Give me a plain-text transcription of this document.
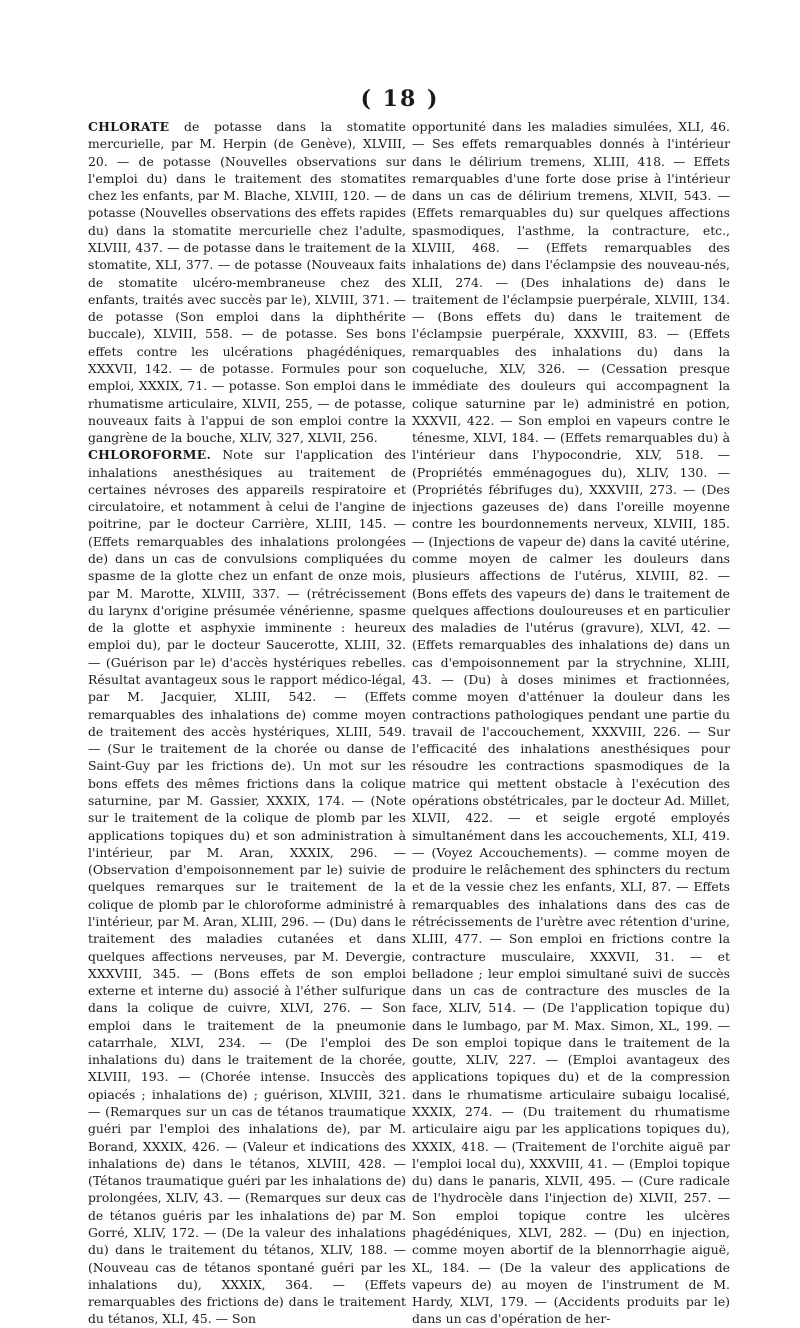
( 18 )

CHLORATE de potasse dans la stomatite mercurielle, par M. Herpin (de Genève), XLVIII, 20. — de potasse (Nouvelles observations sur l'emploi du) dans le traitement des stomatites chez les enfants, par M. Blache, XLVIII, 120. — de potasse (Nouvelles observations des effets rapides du) dans la stomatite mercurielle chez l'adulte, XLVIII, 437. — de potasse dans le traitement de la stomatite, XLI, 377. — de potasse (Nouveaux faits de stomatite ulcéro-membraneuse chez des enfants, traités avec succès par le), XLVIII, 371. — de potasse (Son emploi dans la diphthérite buccale), XLVIII, 558. — de potasse. Ses bons effets contre les ulcérations phagédéniques, XXXVII, 142. — de potasse. Formules pour son emploi, XXXIX, 71. — potasse. Son emploi dans le rhumatisme articulaire, XLVII, 255, — de potasse, nouveaux faits à l'appui de son emploi contre la gangrène de la bouche, XLIV, 327, XLVII, 256.

CHLOROFORME. Note sur l'application des inhalations anesthésiques au traitement de certaines névroses des appareils respiratoire et circulatoire, et notamment à celui de l'angine de poitrine, par le docteur Carrière, XLIII, 145. — (Effets remarquables des inhalations prolongées de) dans un cas de convulsions compliquées du spasme de la glotte chez un enfant de onze mois, par M. Marotte, XLVIII, 337. — (rétrécissement du larynx d'origine présumée vénérienne, spasme de la glotte et asphyxie imminente : heureux emploi du), par le docteur Saucerotte, XLIII, 32. — (Guérison par le) d'accès hystériques rebelles. Résultat avantageux sous le rapport médico-légal, par M. Jacquier, XLIII, 542. — (Effets remarquables des inhalations de) comme moyen de traitement des accès hystériques, XLIII, 549. — (Sur le traitement de la chorée ou danse de Saint-Guy par les frictions de). Un mot sur les bons effets des mêmes frictions dans la colique saturnine, par M. Gassier, XXXIX, 174. — (Note sur le traitement de la colique de plomb par les applications topiques du) et son administration à l'intérieur, par M. Aran, XXXIX, 296. — (Observation d'empoisonnement par le) suivie de quelques remarques sur le traitement de la colique de plomb par le chloroforme administré à l'intérieur, par M. Aran, XLIII, 296. — (Du) dans le traitement des maladies cutanées et dans quelques affections nerveuses, par M. Devergie, XXXVIII, 345. — (Bons effets de son emploi externe et interne du) associé à l'éther sulfurique dans la colique de cuivre, XLVI, 276. — Son emploi dans le traitement de la pneumonie catarrhale, XLVI, 234. — (De l'emploi des inhalations du) dans le traitement de la chorée, XLVIII, 193. — (Chorée intense. Insuccès des opiacés ; inhalations de) ; guérison, XLVIII, 321. — (Remarques sur un cas de tétanos traumatique guéri par l'emploi des inhalations de), par M. Borand, XXXIX, 426. — (Valeur et indications des inhalations de) dans le tétanos, XLVIII, 428. — (Tétanos traumatique guéri par les inhalations de) prolongées, XLIV, 43. — (Remarques sur deux cas de tétanos guéris par les inhalations de) par M. Gorré, XLIV, 172. — (De la valeur des inhalations du) dans le traitement du tétanos, XLIV, 188. — (Nouveau cas de tétanos spontané guéri par les inhalations du), XXXIX, 364. — (Effets remarquables des frictions de) dans le traitement du tétanos, XLI, 45. — Son

opportunité dans les maladies simulées, XLI, 46. — Ses effets remarquables donnés à l'intérieur dans le délirium tremens, XLIII, 418. — Effets remarquables d'une forte dose prise à l'intérieur dans un cas de délirium tremens, XLVII, 543. — (Effets remarquables du) sur quelques affections spasmodiques, l'asthme, la contracture, etc., XLVIII, 468. — (Effets remarquables des inhalations de) dans l'éclampsie des nouveau-nés, XLII, 274. — (Des inhalations de) dans le traitement de l'éclampsie puerpérale, XLVIII, 134. — (Bons effets du) dans le traitement de l'éclampsie puerpérale, XXXVIII, 83. — (Effets remarquables des inhalations du) dans la coqueluche, XLV, 326. — (Cessation presque immédiate des douleurs qui accompagnent la colique saturnine par le) administré en potion, XXXVII, 422. — Son emploi en vapeurs contre le ténesme, XLVI, 184. — (Effets remarquables du) à l'intérieur dans l'hypocondrie, XLV, 518. — (Propriétés emménagogues du), XLIV, 130. — (Propriétés fébrifuges du), XXXVIII, 273. — (Des injections gazeuses de) dans l'oreille moyenne contre les bourdonnements nerveux, XLVIII, 185. — (Injections de vapeur de) dans la cavité utérine, comme moyen de calmer les douleurs dans plusieurs affections de l'utérus, XLVIII, 82. — (Bons effets des vapeurs de) dans le traitement de quelques affections douloureuses et en particulier des maladies de l'utérus (gravure), XLVI, 42. — (Effets remarquables des inhalations de) dans un cas d'empoisonnement par la strychnine, XLIII, 43. — (Du) à doses minimes et fractionnées, comme moyen d'atténuer la douleur dans les contractions pathologiques pendant une partie du travail de l'accouchement, XXXVIII, 226. — Sur l'efficacité des inhalations anesthésiques pour résoudre les contractions spasmodiques de la matrice qui mettent obstacle à l'exécution des opérations obstétricales, par le docteur Ad. Millet, XLVII, 422. — et seigle ergoté employés simultanément dans les accouchements, XLI, 419. — (Voyez Accouchements). — comme moyen de produire le relâchement des sphincters du rectum et de la vessie chez les enfants, XLI, 87. — Effets remarquables des inhalations dans des cas de rétrécissements de l'urètre avec rétention d'urine, XLIII, 477. — Son emploi en frictions contre la contracture musculaire, XXXVII, 31. — et belladone ; leur emploi simultané suivi de succès dans un cas de contracture des muscles de la face, XLIV, 514. — (De l'application topique du) dans le lumbago, par M. Max. Simon, XL, 199. — De son emploi topique dans le traitement de la goutte, XLIV, 227. — (Emploi avantageux des applications topiques du) et de la compression dans le rhumatisme articulaire subaigu localisé, XXXIX, 274. — (Du traitement du rhumatisme articulaire aigu par les applications topiques du), XXXIX, 418. — (Traitement de l'orchite aiguë par l'emploi local du), XXXVIII, 41. — (Emploi topique du) dans le panaris, XLVII, 495. — (Cure radicale de l'hydrocèle dans l'injection de) XLVII, 257. — Son emploi topique contre les ulcères phagédéniques, XLVI, 282. — (Du) en injection, comme moyen abortif de la blennorrhagie aiguë, XL, 184. — (De la valeur des applications de vapeurs de) au moyen de l'instrument de M. Hardy, XLVI, 179. — (Accidents produits par le) dans un cas d'opération de her-
